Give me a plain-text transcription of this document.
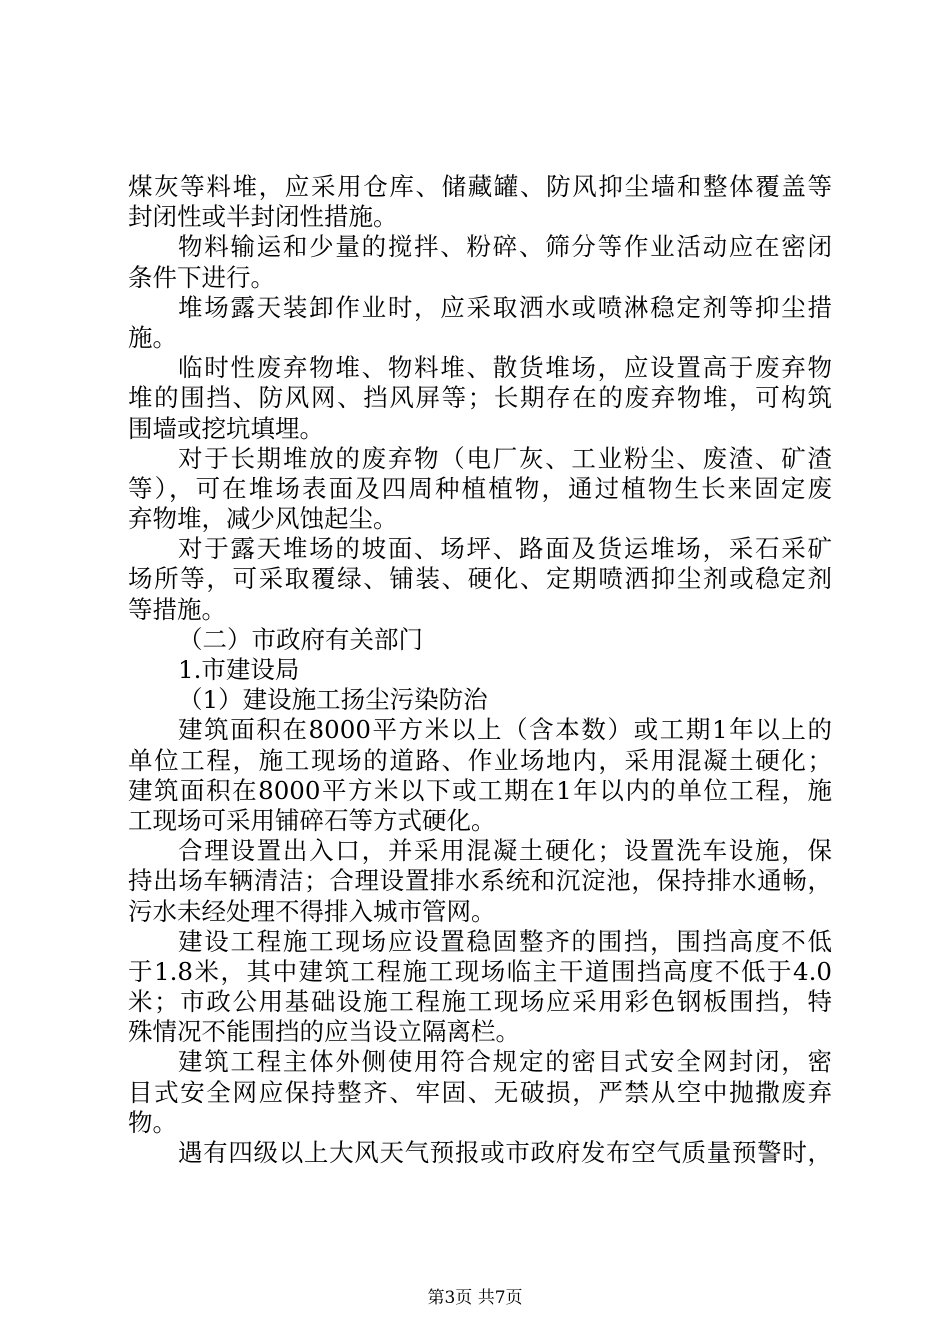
煤灰等料堆，应采用仓库、储藏罐、防风抑尘墙和整体覆盖等
封闭性或半封闭性措施。
物料输运和少量的搅拌、粉碎、筛分等作业活动应在密闭
条件下进行。
堆场露天装卸作业时，应采取洒水或喷淋稳定剂等抑尘措
施。
临时性废弃物堆、物料堆、散货堆场，应设置高于废弃物
堆的围挡、防风网、挡风屏等；长期存在的废弃物堆，可构筑
围墙或挖坑填埋。
对于长期堆放的废弃物（电厂灰、工业粉尘、废渣、矿渣
等），可在堆场表面及四周种植植物，通过植物生长来固定废
弃物堆，减少风蚀起尘。
对于露天堆场的坡面、场坪、路面及货运堆场，采石采矿
场所等，可采取覆绿、铺装、硬化、定期喷洒抑尘剂或稳定剂
等措施。
（二）市政府有关部门
1.市建设局
（1）建设施工扬尘污染防治
建筑面积在8000平方米以上（含本数）或工期1年以上的
单位工程，施工现场的道路、作业场地内，采用混凝土硬化；
建筑面积在8000平方米以下或工期在1年以内的单位工程，施
工现场可采用铺碎石等方式硬化。
合理设置出入口，并采用混凝土硬化；设置洗车设施，保
持出场车辆清洁；合理设置排水系统和沉淀池，保持排水通畅，
污水未经处理不得排入城市管网。
建设工程施工现场应设置稳固整齐的围挡，围挡高度不低
于1.8米，其中建筑工程施工现场临主干道围挡高度不低于4.0
米；市政公用基础设施工程施工现场应采用彩色钢板围挡，特
殊情况不能围挡的应当设立隔离栏。
建筑工程主体外侧使用符合规定的密目式安全网封闭，密
目式安全网应保持整齐、牢固、无破损，严禁从空中抛撒废弃
物。
遇有四级以上大风天气预报或市政府发布空气质量预警时，
第3页 共7页
